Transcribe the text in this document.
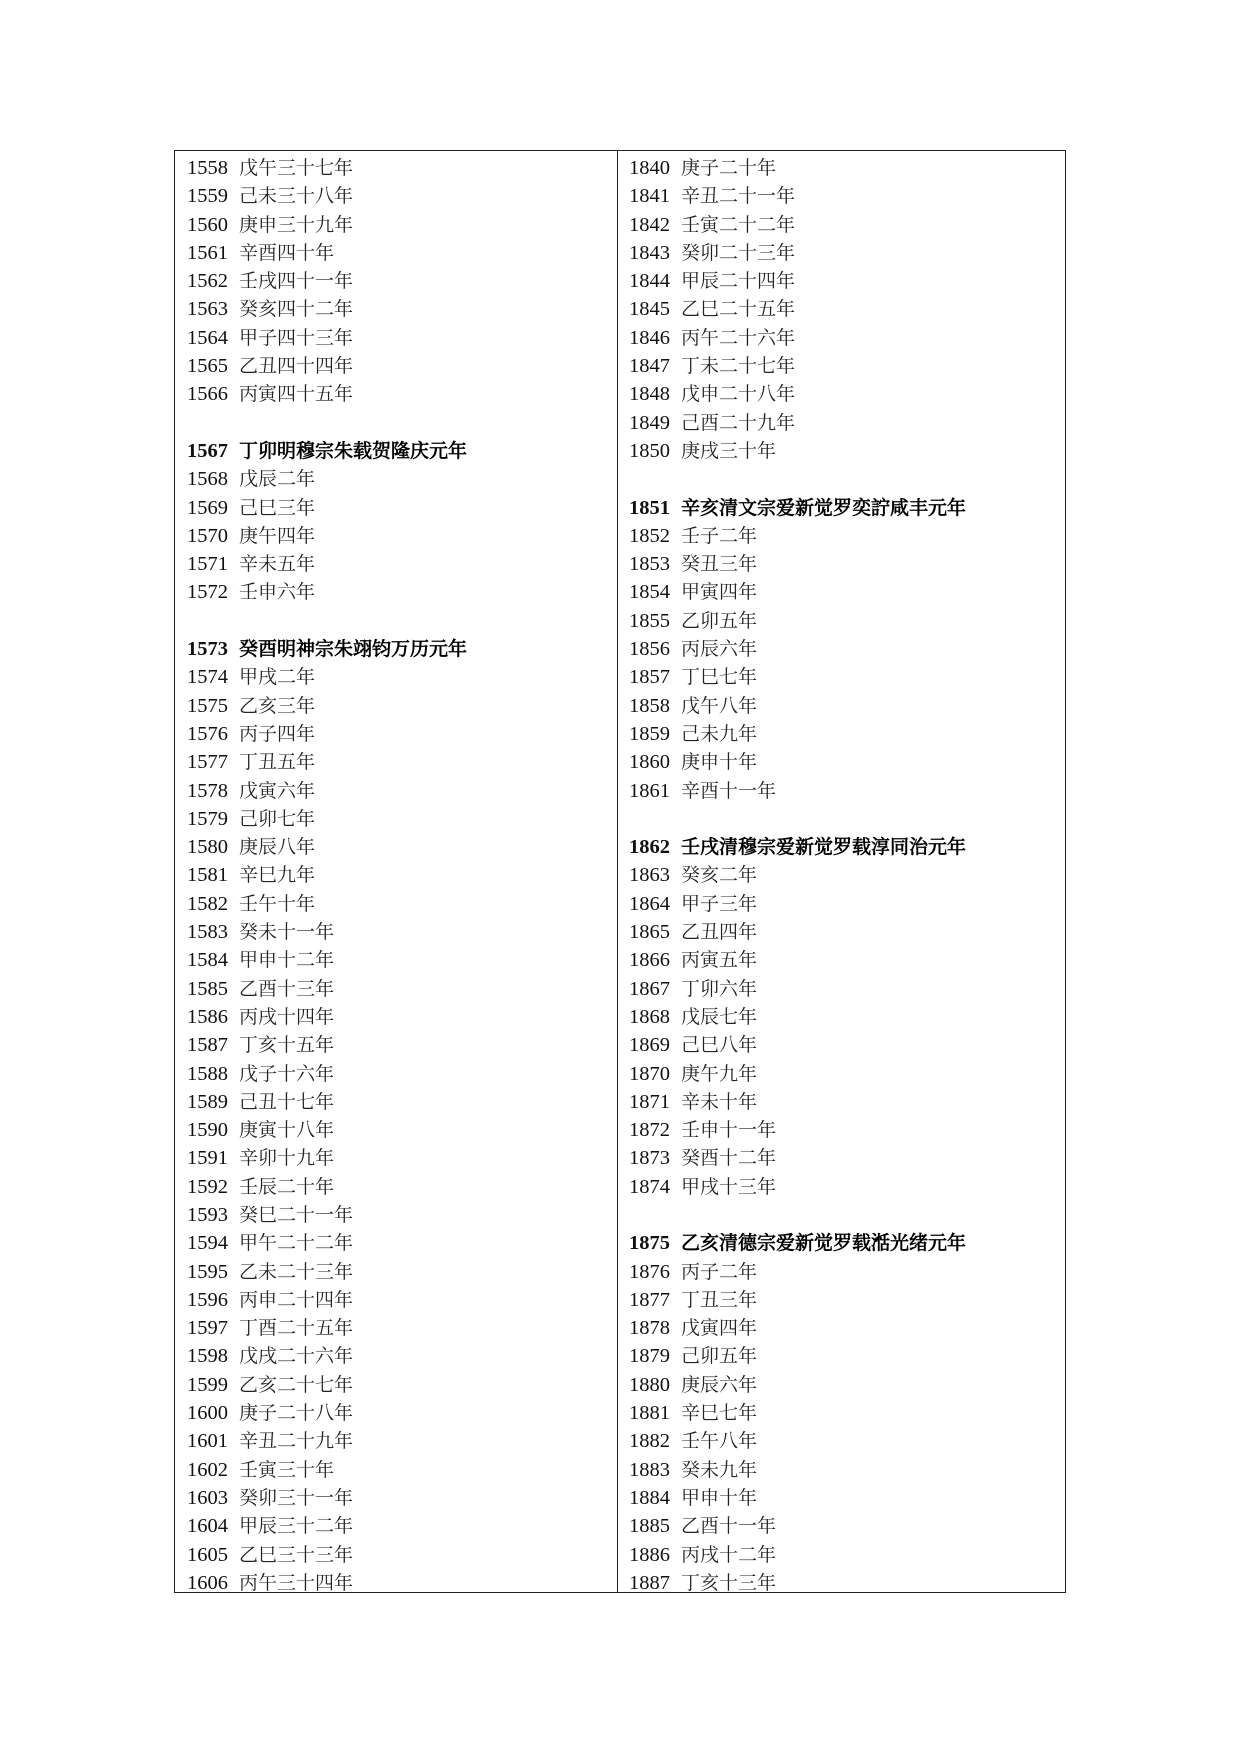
1558 戊午三十七年
1559 己未三十八年
1560 庚申三十九年
1561 辛酉四十年
1562 壬戌四十一年
1563 癸亥四十二年
1564 甲子四十三年
1565 乙丑四十四年
1566 丙寅四十五年
1567 丁卯明穆宗朱载贺隆庆元年
1568 戊辰二年
1569 己巳三年
1570 庚午四年
1571 辛未五年
1572 壬申六年
1573 癸酉明神宗朱翊钧万历元年
1574 甲戌二年
1575 乙亥三年
1576 丙子四年
1577 丁丑五年
1578 戊寅六年
1579 己卯七年
1580 庚辰八年
1581 辛巳九年
1582 壬午十年
1583 癸未十一年
1584 甲申十二年
1585 乙酉十三年
1586 丙戌十四年
1587 丁亥十五年
1588 戊子十六年
1589 己丑十七年
1590 庚寅十八年
1591 辛卯十九年
1592 壬辰二十年
1593 癸巳二十一年
1594 甲午二十二年
1595 乙未二十三年
1596 丙申二十四年
1597 丁酉二十五年
1598 戊戌二十六年
1599 乙亥二十七年
1600 庚子二十八年
1601 辛丑二十九年
1602 壬寅三十年
1603 癸卯三十一年
1604 甲辰三十二年
1605 乙巳三十三年
1606 丙午三十四年
1840 庚子二十年
1841 辛丑二十一年
1842 壬寅二十二年
1843 癸卯二十三年
1844 甲辰二十四年
1845 乙巳二十五年
1846 丙午二十六年
1847 丁未二十七年
1848 戊申二十八年
1849 己酉二十九年
1850 庚戌三十年
1851 辛亥清文宗爱新觉罗奕詝咸丰元年
1852 壬子二年
1853 癸丑三年
1854 甲寅四年
1855 乙卯五年
1856 丙辰六年
1857 丁巳七年
1858 戊午八年
1859 己未九年
1860 庚申十年
1861 辛酉十一年
1862 壬戌清穆宗爱新觉罗载淳同治元年
1863 癸亥二年
1864 甲子三年
1865 乙丑四年
1866 丙寅五年
1867 丁卯六年
1868 戊辰七年
1869 己巳八年
1870 庚午九年
1871 辛未十年
1872 壬申十一年
1873 癸酉十二年
1874 甲戌十三年
1875 乙亥清德宗爱新觉罗载湉光绪元年
1876 丙子二年
1877 丁丑三年
1878 戊寅四年
1879 己卯五年
1880 庚辰六年
1881 辛巳七年
1882 壬午八年
1883 癸未九年
1884 甲申十年
1885 乙酉十一年
1886 丙戌十二年
1887 丁亥十三年
